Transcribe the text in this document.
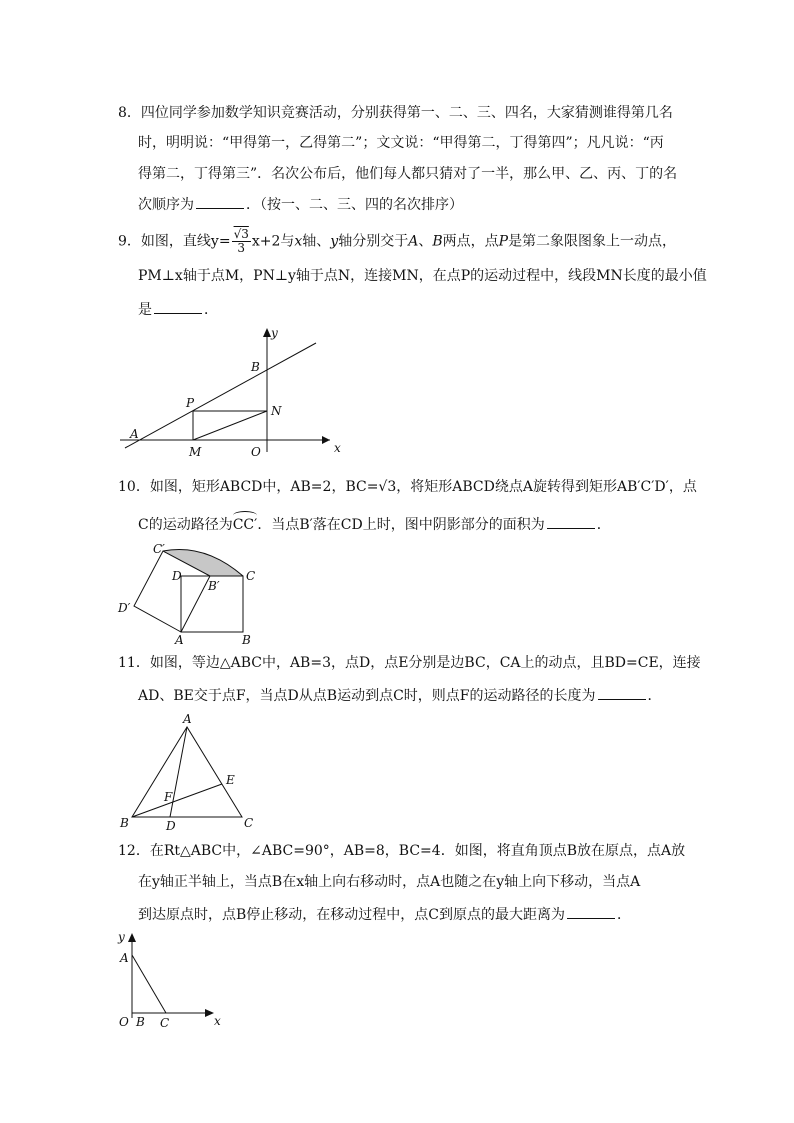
8．四位同学参加数学知识竞赛活动，分别获得第一、二、三、四名，大家猜测谁得第几名
时，明明说：“甲得第一，乙得第二”；文文说：“甲得第二，丁得第四”；凡凡说：“丙
得第二，丁得第三”．名次公布后，他们每人都只猜对了一半，那么甲、乙、丙、丁的名
次顺序为	．（按一、二、三、四的名次排序）
9．如图，直线$y= \frac{√3}{3} x+2$与x轴、y轴分别交于A、B两点，点P是第二象限图象上一动点，
PM⊥x轴于点M，PN⊥y轴于点N，连接MN，在点P的运动过程中，线段MN长度的最小值
是	．
y
x
B
P
N
A
M	O
10．如图，矩形ABCD中，AB=2，BC=√3，将矩形ABCD绕点A旋转得到矩形AB′C′D′，点
C的运动路径为CC′．当点B′落在CD上时，图中阴影部分的面积为	．
C′
D
B′
C
D′
A	B
11．如图，等边△ABC中，AB=3，点D，点E分别是边BC，CA上的动点，且BD=CE，连接
AD、BE交于点F，当点D从点B运动到点C时，则点F的运动路径的长度为	．
A
E
F
B	D	C
12．在Rt△ABC中，∠ABC=90°，AB=8，BC=4．如图，将直角顶点B放在原点，点A放
在y轴正半轴上，当点B在x轴上向右移动时，点A也随之在y轴上向下移动，当点A
到达原点时，点B停止移动，在移动过程中，点C到原点的最大距离为	．
y
A
O B C	x
